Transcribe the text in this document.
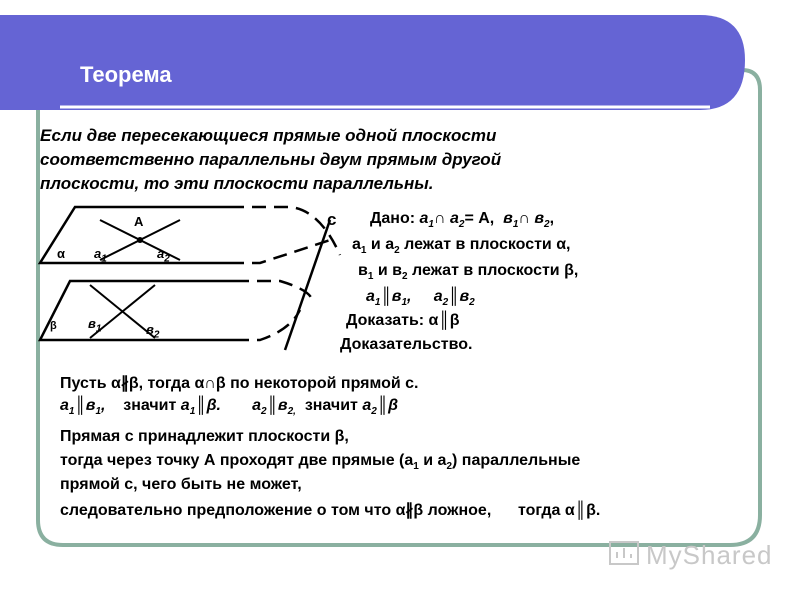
Теорема
Если две пересекающиеся прямые одной плоскости
соответственно параллельны двум прямым другой
плоскости, то эти плоскости параллельны.
А
α $а_1$	$а_2$
β $в_1$	$в_2$
с Дано: $а_1\cap$ $а_2= А$, $в_1\cap$ $в_2$,
$а_1$ и $а_2$ лежат в плоскости α,
$в_1$ и $в_2$ лежат в плоскости β,
$а_1║в_1$,     $а_2║в_2$
Доказать: α║β
Доказательство.
Пусть α∦β, тогда α∩β по некоторой прямой с.
$а_1║в_1$, значит $а_1║\beta$. $а_2║в_{2,}$ значит $а_2║\beta$
Прямая с принадлежит плоскости β,
тогда через точку А проходят две прямые ($а_1$ и $а_2$) параллельные
прямой с, чего быть не может,
следовательно предположение о том что α∦β ложное, тогда α║β.
MyShared
